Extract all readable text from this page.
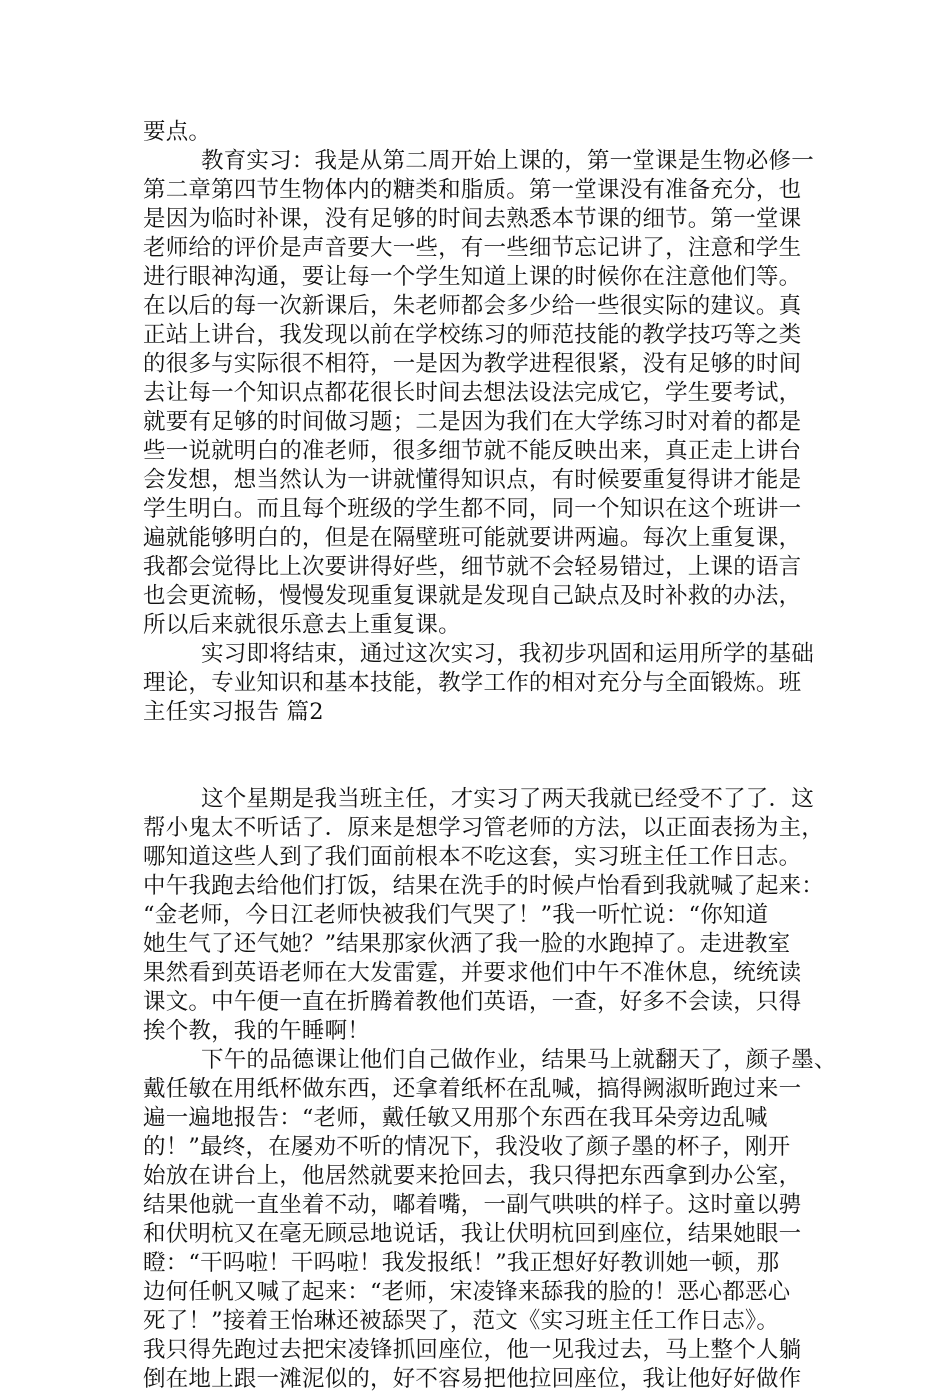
要点。
教育实习：我是从第二周开始上课的，第一堂课是生物必修一
第二章第四节生物体内的糖类和脂质。第一堂课没有准备充分，也
是因为临时补课，没有足够的时间去熟悉本节课的细节。第一堂课
老师给的评价是声音要大一些，有一些细节忘记讲了，注意和学生
进行眼神沟通，要让每一个学生知道上课的时候你在注意他们等。
在以后的每一次新课后，朱老师都会多少给一些很实际的建议。真
正站上讲台，我发现以前在学校练习的师范技能的教学技巧等之类
的很多与实际很不相符，一是因为教学进程很紧，没有足够的时间
去让每一个知识点都花很长时间去想法设法完成它，学生要考试，
就要有足够的时间做习题；二是因为我们在大学练习时对着的都是
些一说就明白的准老师，很多细节就不能反映出来，真正走上讲台
会发想，想当然认为一讲就懂得知识点，有时候要重复得讲才能是
学生明白。而且每个班级的学生都不同，同一个知识在这个班讲一
遍就能够明白的，但是在隔壁班可能就要讲两遍。每次上重复课，
我都会觉得比上次要讲得好些，细节就不会轻易错过，上课的语言
也会更流畅，慢慢发现重复课就是发现自己缺点及时补救的办法，
所以后来就很乐意去上重复课。
实习即将结束，通过这次实习，我初步巩固和运用所学的基础
理论，专业知识和基本技能，教学工作的相对充分与全面锻炼。班
主任实习报告 篇2
这个星期是我当班主任，才实习了两天我就已经受不了了．这
帮小鬼太不听话了．原来是想学习管老师的方法，以正面表扬为主，
哪知道这些人到了我们面前根本不吃这套，实习班主任工作日志。
中午我跑去给他们打饭，结果在洗手的时候卢怡看到我就喊了起来：
“金老师，今日江老师快被我们气哭了！”我一听忙说：“你知道
她生气了还气她？”结果那家伙洒了我一脸的水跑掉了。走进教室
果然看到英语老师在大发雷霆，并要求他们中午不准休息，统统读
课文。中午便一直在折腾着教他们英语，一查，好多不会读，只得
挨个教，我的午睡啊！
下午的品德课让他们自己做作业，结果马上就翻天了，颜子墨、
戴任敏在用纸杯做东西，还拿着纸杯在乱喊，搞得阙淑昕跑过来一
遍一遍地报告：“老师，戴任敏又用那个东西在我耳朵旁边乱喊
的！”最终，在屡劝不听的情况下，我没收了颜子墨的杯子，刚开
始放在讲台上，他居然就要来抢回去，我只得把东西拿到办公室，
结果他就一直坐着不动，嘟着嘴，一副气哄哄的样子。这时童以骋
和伏明杭又在毫无顾忌地说话，我让伏明杭回到座位，结果她眼一
瞪：“干吗啦！干吗啦！我发报纸！”我正想好好教训她一顿，那
边何任帆又喊了起来：“老师，宋凌锋来舔我的脸的！恶心都恶心
死了！”接着王怡琳还被舔哭了，范文《实习班主任工作日志》。
我只得先跑过去把宋凌锋抓回座位，他一见我过去，马上整个人躺
倒在地上跟一滩泥似的，好不容易把他拉回座位，我让他好好做作
